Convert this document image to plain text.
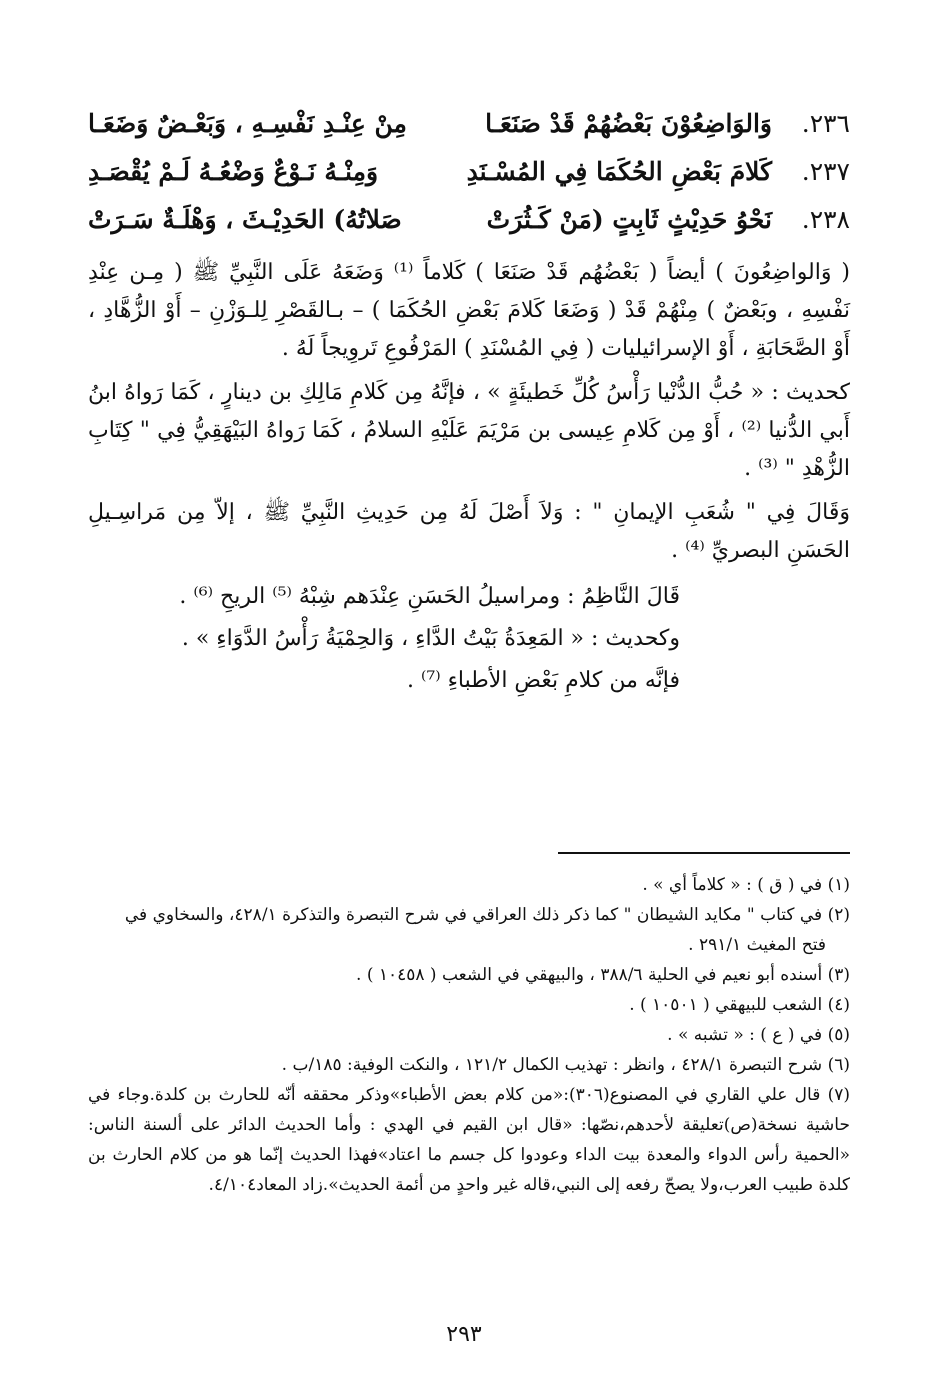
٢٣٦.
وَالوَاضِعُوْنَ بَعْضُهُمْ قَدْ صَنَعَـا
مِنْ عِنْـدِ نَفْسِـهِ ، وَبَعْـضٌ وَضَعَـا
٢٣٧.
كَلامَ بَعْضِ الحُكَمَا فِي المُسْـنَدِ
وَمِنْـهُ نَـوْعٌ وَضْعُـهُ لَـمْ يُقْصَـدِ
٢٣٨.
نَحْوُ حَدِيْثٍ ثَابِتٍ (مَنْ كَـثُرَتْ
صَلاتُهُ) الحَدِيْـثَ ، وَهْلَـةٌ سَـرَتْ

( وَالواضِعُونَ ) أيضاً ( بَعْضُهُم قَدْ صَنَعَا ) كَلاماً ⁽¹⁾ وَضَعَهُ عَلَى النَّبِيِّ ﷺ ( مِـن عِنْدِ نَفْسِهِ ، وبَعْضٌ ) مِنْهُمْ قَدْ ( وَضَعَا كَلامَ بَعْضِ الحُكَمَا ) – بـالقَصْرِ لِلـوَزْنِ – أَوْ الزُّهَّادِ ، أَوْ الصَّحَابَةِ ، أَوْ الإسرائيليات ( فِي المُسْنَدِ ) المَرْفُوعِ تَروِيجاً لَهُ .

كحديث : « حُبُّ الدُّنْيا رَأْسُ كُلِّ خَطيئَةٍ » ، فإنَّهُ مِن كَلامِ مَالِكِ بن دينارٍ ، كَمَا رَواهُ ابنُ أَبي الدُّنيا ⁽²⁾ ، أَوْ مِن كَلامِ عِيسى بن مَرْيَمَ عَلَيْهِ السلامُ ، كَمَا رَواهُ البَيْهَقِيُّ فِي " كِتَابِ الزُّهْدِ " ⁽³⁾ .

وَقَالَ فِي " شُعَبِ الإيمانِ " : وَلاَ أَصْلَ لَهُ مِن حَدِيثِ النَّبِيِّ ﷺ ، إلاّ مِن مَراسِـيلِ الحَسَنِ البصريِّ ⁽⁴⁾ .

قَالَ النَّاظِمُ : ومراسيلُ الحَسَنِ عِنْدَهم شِبْهُ ⁽⁵⁾ الريحِ ⁽⁶⁾ .

وكحديث : « المَعِدَةُ بَيْتُ الدَّاءِ ، وَالحِمْيَةُ رَأْسُ الدَّوَاءِ » .

فإنَّه من كلامِ بَعْضِ الأطباءِ ⁽⁷⁾ .

(١) في ( ق ) : « كلاماً أي » .

(٢) في كتاب " مكايد الشيطان " كما ذكر ذلك العراقي في شرح التبصرة والتذكرة ٤٢٨/١، والسخاوي في

فتح المغيث ٢٩١/١ .

(٣) أسنده أبو نعيم في الحلية ٣٨٨/٦ ، والبيهقي في الشعب ( ١٠٤٥٨ ) .

(٤) الشعب للبيهقي ( ١٠٥٠١ ) .

(٥) في ( ع ) : « تشبه » .

(٦) شرح التبصرة ٤٢٨/١ ، وانظر : تهذيب الكمال ١٢١/٢ ، والنكت الوفية: ١٨٥/ب .

(٧) قال علي القاري في المصنوع(٣٠٦):«من كلام بعض الأطباء»وذكر محققه أنّه للحارث بن كلدة.وجاء في حاشية نسخة(ص)تعليقة لأحدهم،نصّها: «قال ابن القيم في الهدي : وأما الحديث الدائر على ألسنة الناس: «الحمية رأس الدواء والمعدة بيت الداء وعودوا كل جسم ما اعتاد»فهذا الحديث إنّما هو من كلام الحارث بن كلدة طبيب العرب،ولا يصحّ رفعه إلى النبي،قاله غير واحدٍ من أئمة الحديث».زاد المعاد٤/١٠٤.

٢٩٣
